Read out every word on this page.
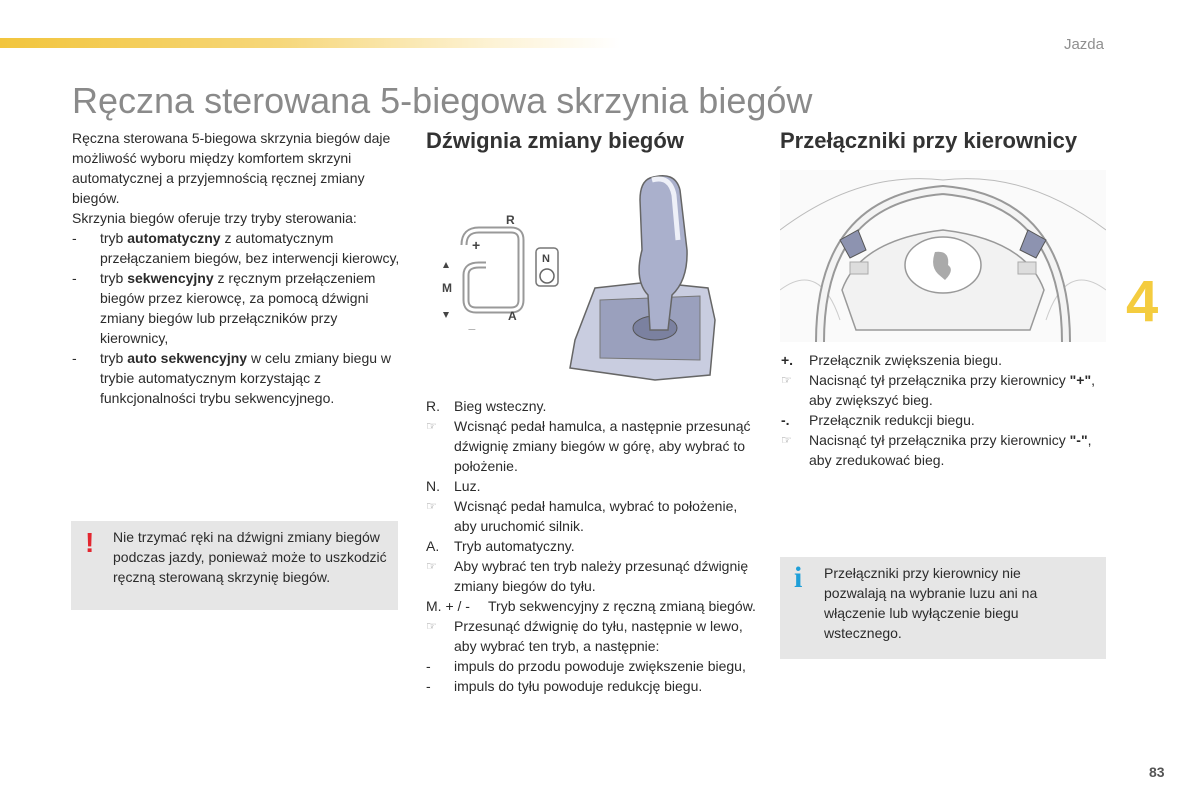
Jazda
Ręczna sterowana 5-biegowa skrzynia biegów

Ręczna sterowana 5-biegowa skrzynia biegów daje możliwość wyboru między komfortem skrzyni automatycznej a przyjemnością ręcznej zmiany biegów.

Skrzynia biegów oferuje trzy tryby sterowania:

-	tryb automatyczny z automatycznym przełączaniem biegów, bez interwencji kierowcy,
-	tryb sekwencyjny z ręcznym przełączeniem biegów przez kierowcę, za pomocą dźwigni zmiany biegów lub przełączników przy kierownicy,
-	tryb auto sekwencyjny w celu zmiany biegu w trybie automatycznym korzystając z funkcjonalności trybu sekwencyjnego.
! Nie trzymać ręki na dźwigni zmiany biegów podczas jazdy, ponieważ może to uszkodzić ręczną sterowaną skrzynię biegów.
Dźwignia zmiany biegów
R
+
M
–
A
N
R.	Bieg wsteczny.
☞	Wcisnąć pedał hamulca, a następnie przesunąć dźwignię zmiany biegów w górę, aby wybrać to położenie.
N.	Luz.
☞	Wcisnąć pedał hamulca, wybrać to położenie, aby uruchomić silnik.
A.	Tryb automatyczny.
☞	Aby wybrać ten tryb należy przesunąć dźwignię zmiany biegów do tyłu.
M. + / -	Tryb sekwencyjny z ręczną zmianą biegów.
☞	Przesunąć dźwignię do tyłu, następnie w lewo, aby wybrać ten tryb, a następnie:
-	impuls do przodu powoduje zwiększenie biegu,
-	impuls do tyłu powoduje redukcję biegu.
Przełączniki przy kierownicy
+.	Przełącznik zwiększenia biegu.
☞	Nacisnąć tył przełącznika przy kierownicy "+", aby zwiększyć bieg.
-.	Przełącznik redukcji biegu.
☞	Nacisnąć tył przełącznika przy kierownicy "-", aby zredukować bieg.
i Przełączniki przy kierownicy nie pozwalają na wybranie luzu ani na włączenie lub wyłączenie biegu wstecznego.
4
83
